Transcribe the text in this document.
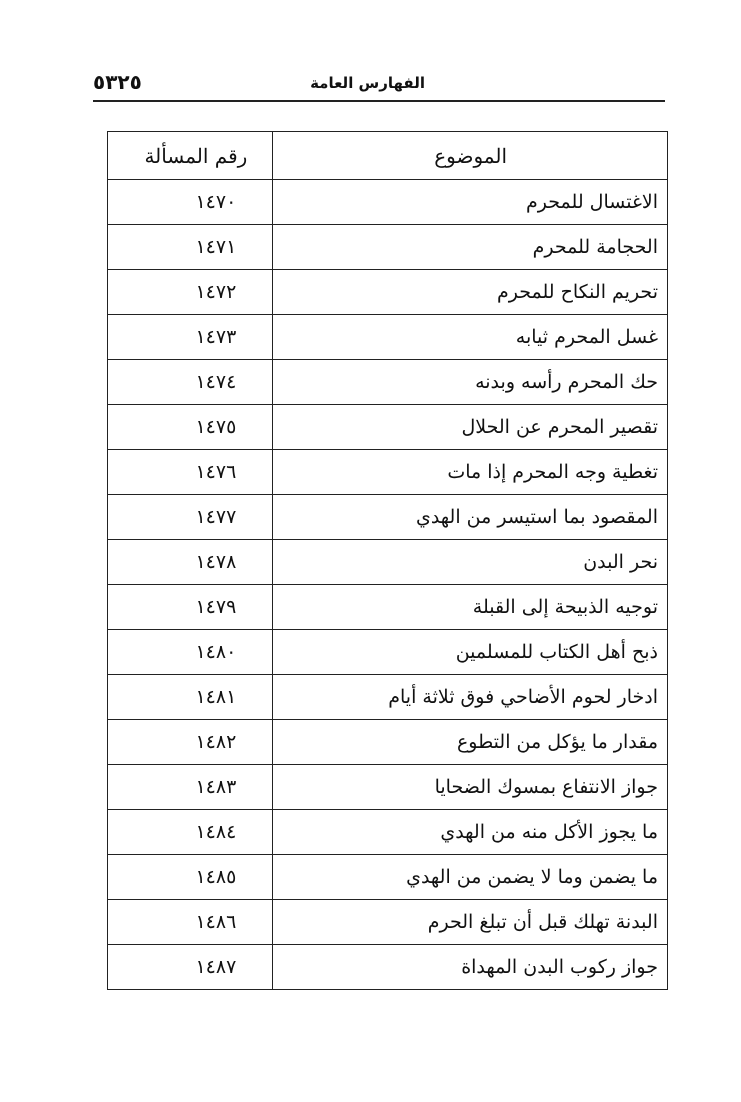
الفهارس العامة
٥٣٢٥
الموضوع	رقم المسألة
الاغتسال للمحرم	١٤٧٠
الحجامة للمحرم	١٤٧١
تحريم النكاح للمحرم	١٤٧٢
غسل المحرم ثيابه	١٤٧٣
حك المحرم رأسه وبدنه	١٤٧٤
تقصير المحرم عن الحلال	١٤٧٥
تغطية وجه المحرم إذا مات	١٤٧٦
المقصود بما استيسر من الهدي	١٤٧٧
نحر البدن	١٤٧٨
توجيه الذبيحة إلى القبلة	١٤٧٩
ذبح أهل الكتاب للمسلمين	١٤٨٠
ادخار لحوم الأضاحي فوق ثلاثة أيام	١٤٨١
مقدار ما يؤكل من التطوع	١٤٨٢
جواز الانتفاع بمسوك الضحايا	١٤٨٣
ما يجوز الأكل منه من الهدي	١٤٨٤
ما يضمن وما لا يضمن من الهدي	١٤٨٥
البدنة تهلك قبل أن تبلغ الحرم	١٤٨٦
جواز ركوب البدن المهداة	١٤٨٧
